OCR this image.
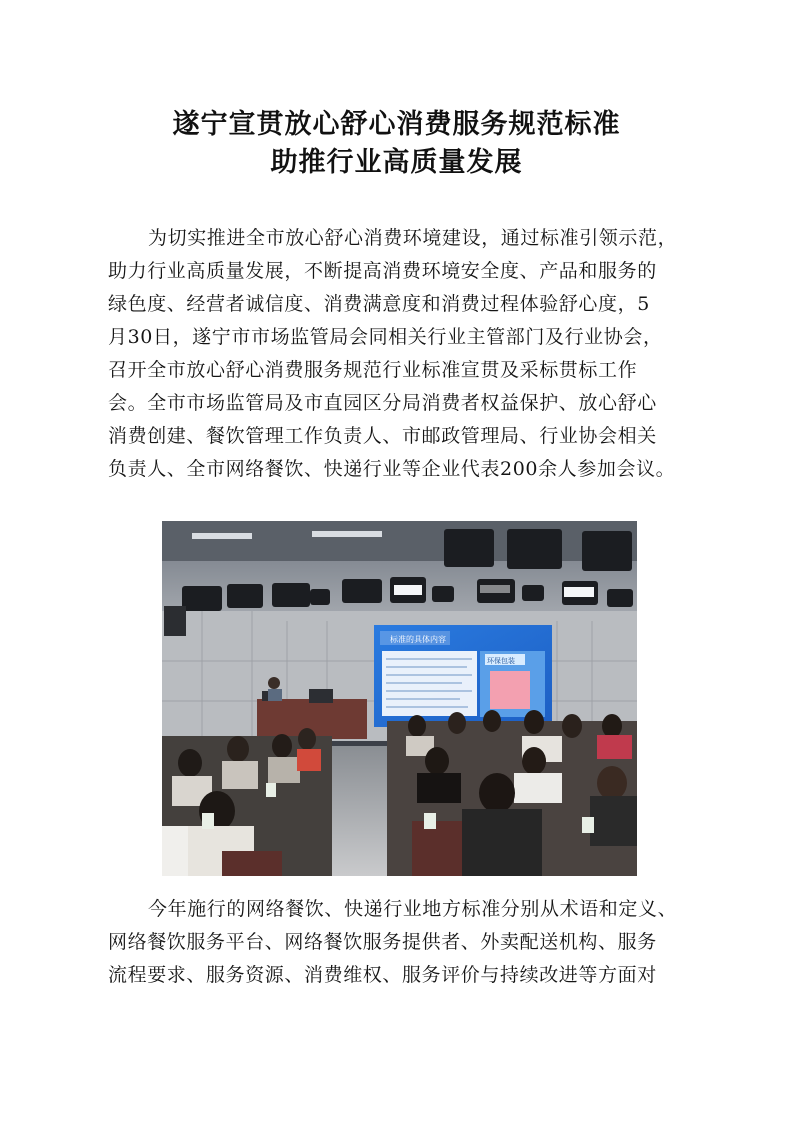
遂宁宣贯放心舒心消费服务规范标准
助推行业高质量发展
为切实推进全市放心舒心消费环境建设，通过标准引领示范，
助力行业高质量发展，不断提高消费环境安全度、产品和服务的
绿色度、经营者诚信度、消费满意度和消费过程体验舒心度，5
月30日，遂宁市市场监管局会同相关行业主管部门及行业协会，
召开全市放心舒心消费服务规范行业标准宣贯及采标贯标工作
会。全市市场监管局及市直园区分局消费者权益保护、放心舒心
消费创建、餐饮管理工作负责人、市邮政管理局、行业协会相关
负责人、全市网络餐饮、快递行业等企业代表200余人参加会议。
标准的具体内容
环保包装
今年施行的网络餐饮、快递行业地方标准分别从术语和定义、
网络餐饮服务平台、网络餐饮服务提供者、外卖配送机构、服务
流程要求、服务资源、消费维权、服务评价与持续改进等方面对
